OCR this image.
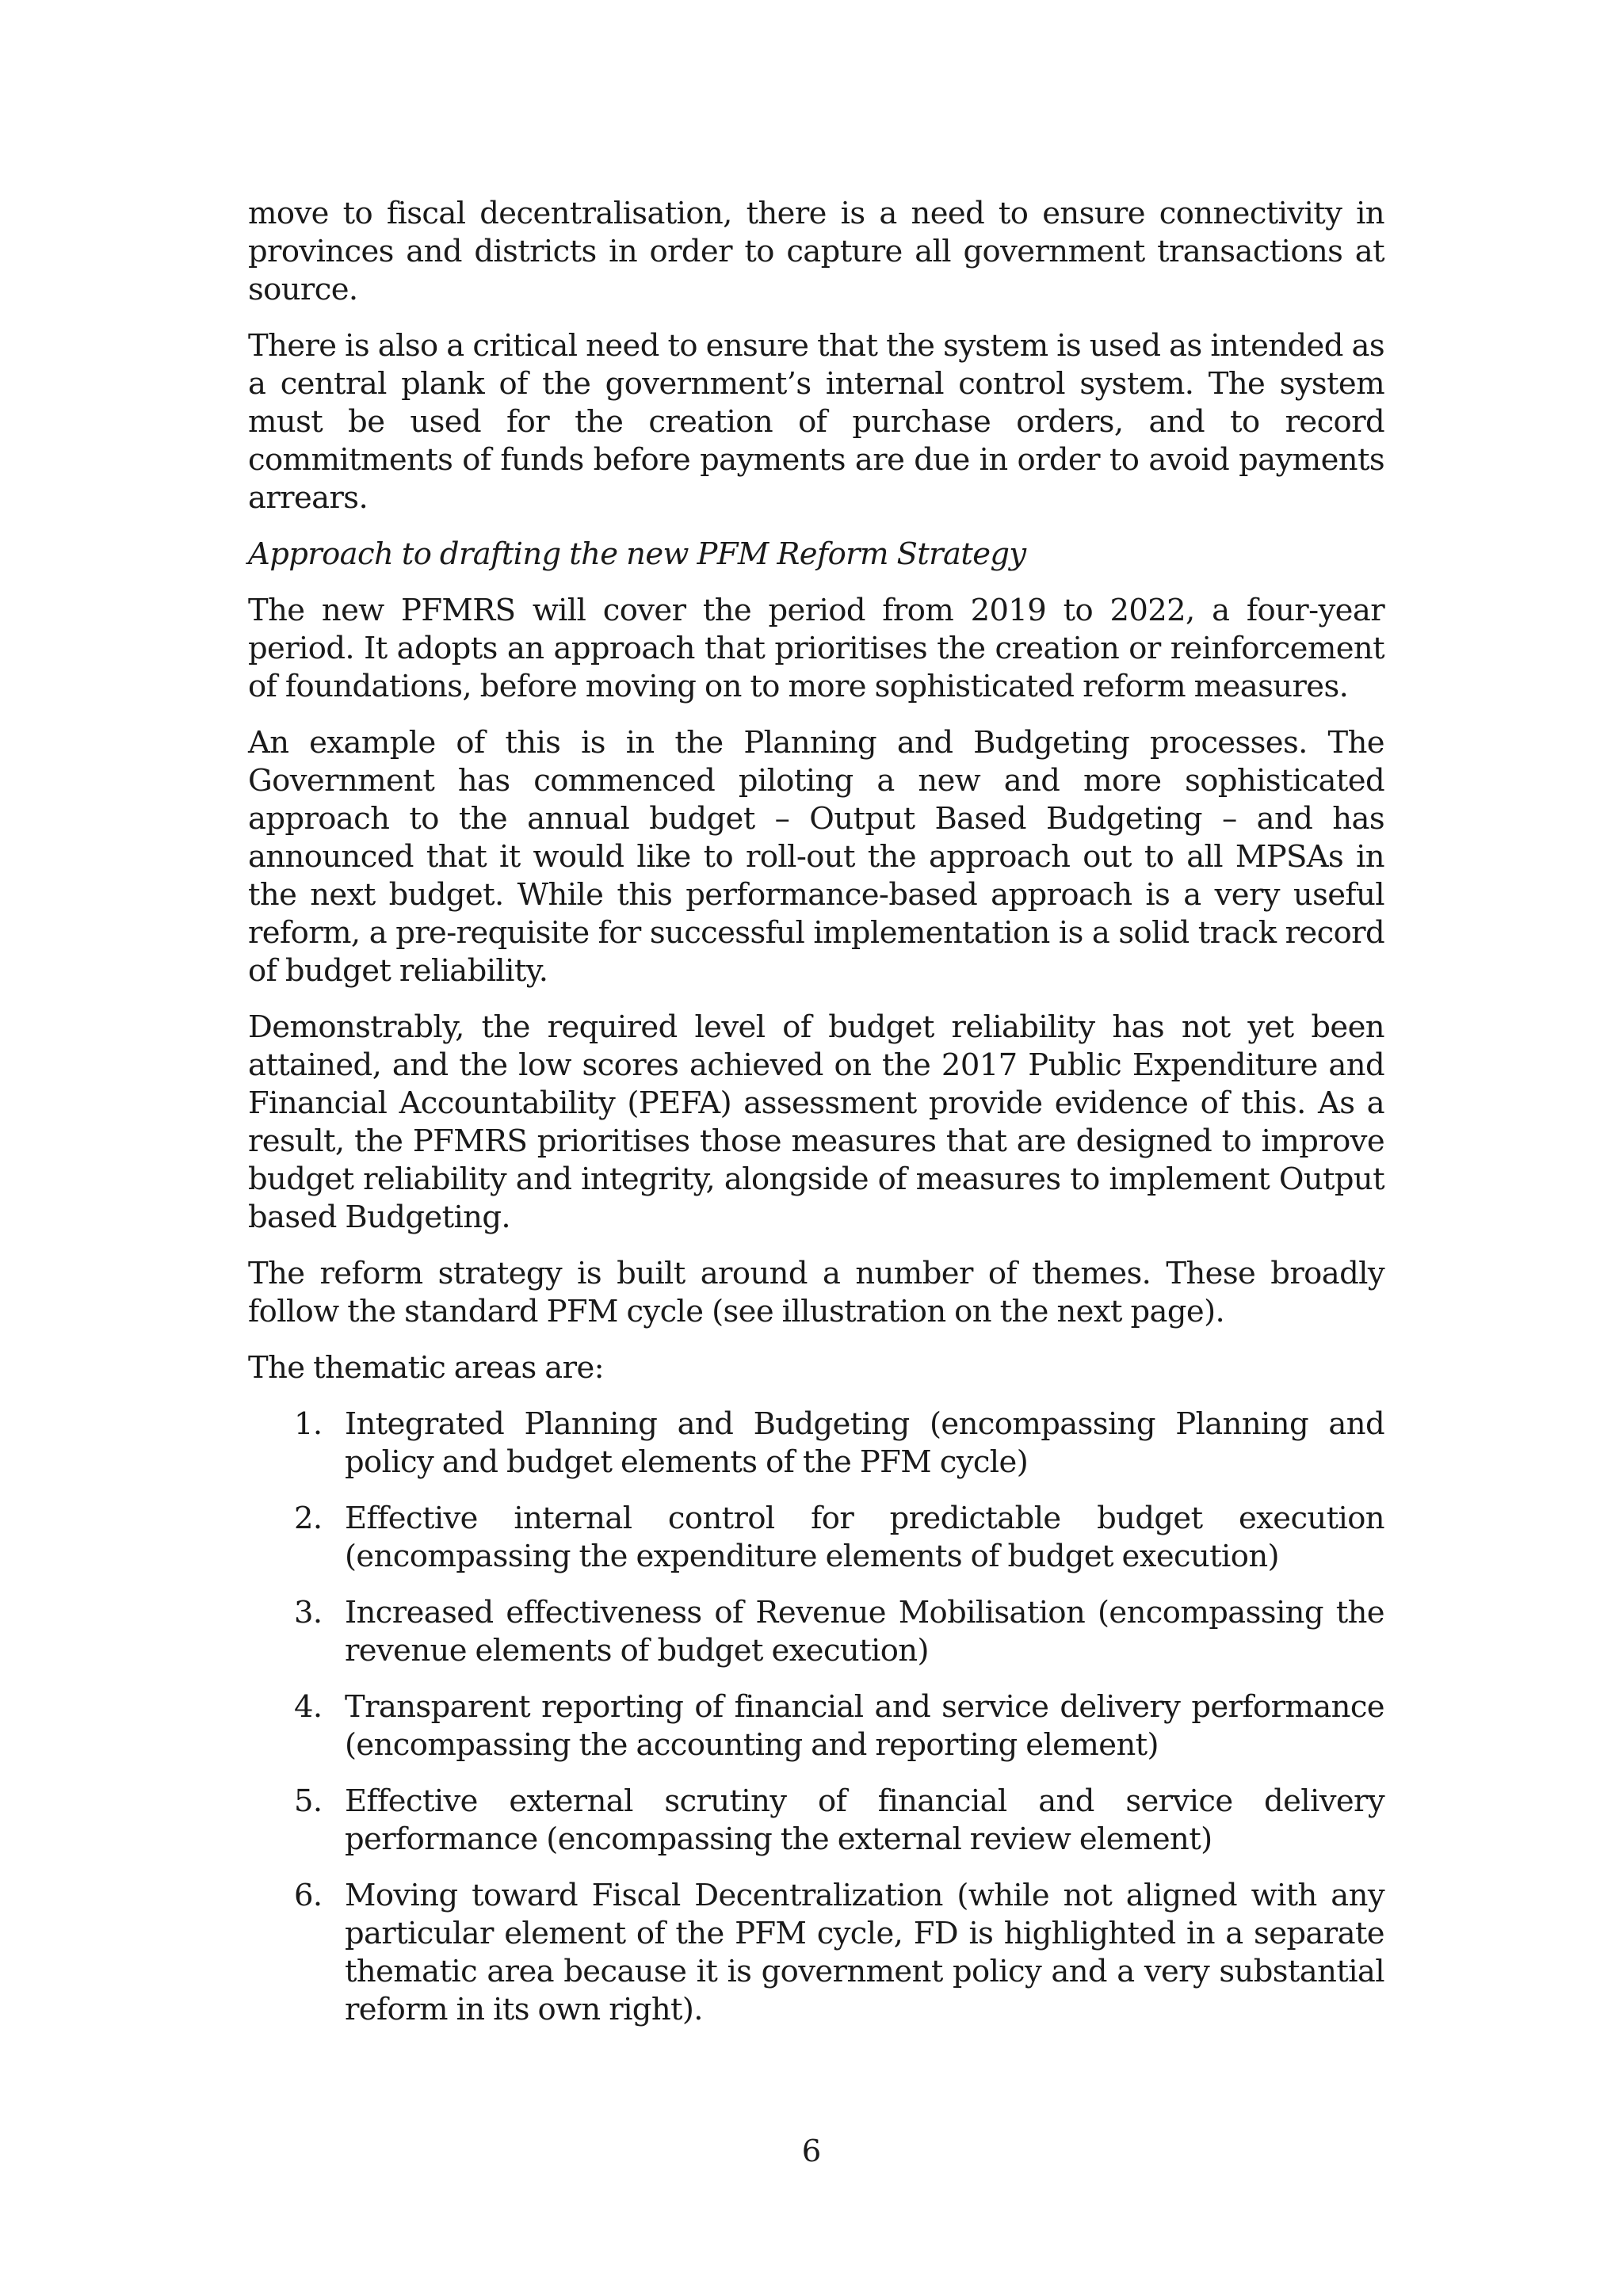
move to fiscal decentralisation, there is a need to ensure connectivity in provinces and districts in order to capture all government transactions at source.

There is also a critical need to ensure that the system is used as intended as a central plank of the government’s internal control system. The system must be used for the creation of purchase orders, and to record commitments of funds before payments are due in order to avoid payments arrears.

Approach to drafting the new PFM Reform Strategy

The new PFMRS will cover the period from 2019 to 2022, a four-year period. It adopts an approach that prioritises the creation or reinforcement of foundations, before moving on to more sophisticated reform measures.

An example of this is in the Planning and Budgeting processes. The Government has commenced piloting a new and more sophisticated approach to the annual budget – Output Based Budgeting – and has announced that it would like to roll-out the approach out to all MPSAs in the next budget. While this performance-based approach is a very useful reform, a pre-requisite for successful implementation is a solid track record of budget reliability.

Demonstrably, the required level of budget reliability has not yet been attained, and the low scores achieved on the 2017 Public Expenditure and Financial Accountability (PEFA) assessment provide evidence of this. As a result, the PFMRS prioritises those measures that are designed to improve budget reliability and integrity, alongside of measures to implement Output based Budgeting.

The reform strategy is built around a number of themes. These broadly follow the standard PFM cycle (see illustration on the next page).

The thematic areas are:

1. Integrated Planning and Budgeting (encompassing Planning and policy and budget elements of the PFM cycle)
2. Effective internal control for predictable budget execution (encompassing the expenditure elements of budget execution)
3. Increased effectiveness of Revenue Mobilisation (encompassing the revenue elements of budget execution)
4. Transparent reporting of financial and service delivery performance (encompassing the accounting and reporting element)
5. Effective external scrutiny of financial and service delivery performance (encompassing the external review element)
6. Moving toward Fiscal Decentralization (while not aligned with any particular element of the PFM cycle, FD is highlighted in a separate thematic area because it is government policy and a very substantial reform in its own right).
6
